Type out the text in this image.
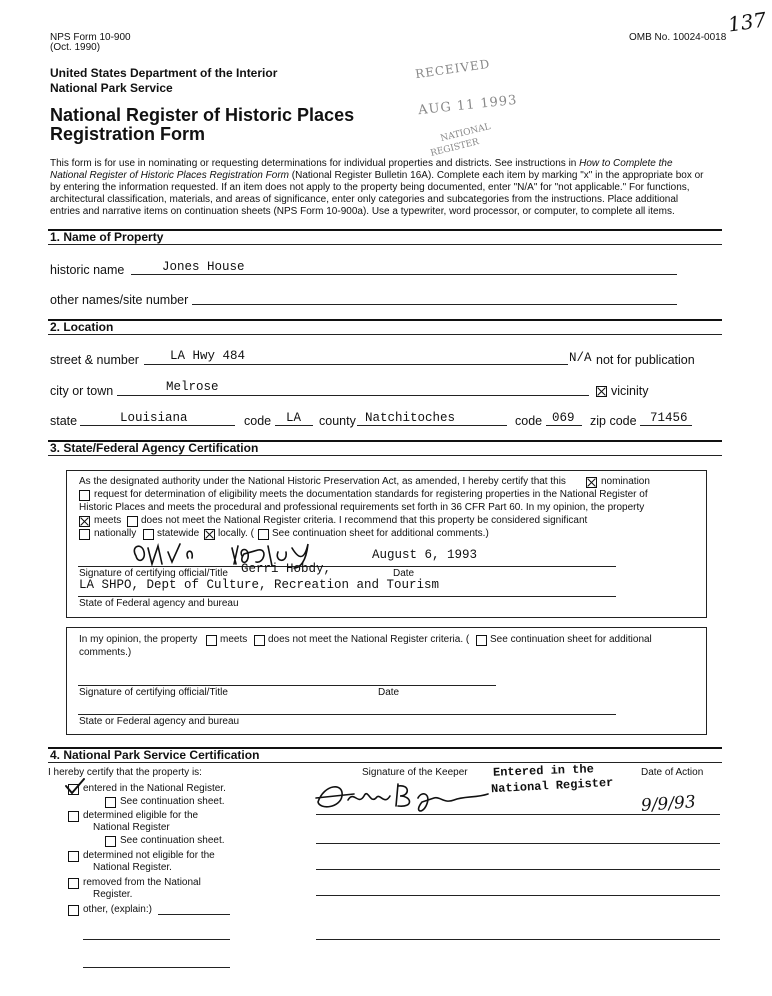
NPS Form 10-900
(Oct. 1990)
OMB No. 10024-0018
137
United States Department of the Interior
National Park Service
National Register of Historic Places
Registration Form
RECEIVED
AUG 11 1993
NATIONAL
REGISTER
This form is for use in nominating or requesting determinations for individual properties and districts. See instructions in How to Complete the
National Register of Historic Places Registration Form (National Register Bulletin 16A). Complete each item by marking "x" in the appropriate box or
by entering the information requested. If an item does not apply to the property being documented, enter "N/A" for "not applicable." For functions,
architectural classification, materials, and areas of significance, enter only categories and subcategories from the instructions. Place additional
entries and narrative items on continuation sheets (NPS Form 10-900a). Use a typewriter, word processor, or computer, to complete all items.
1. Name of Property
historic name	Jones House
other names/site number
2. Location
street & number LA Hwy 484	N/A not for publication
city or town	Melrose	vicinity
state	Louisiana	code LA county Natchitoches	code 069 zip code 71456
3. State/Federal Agency Certification
As the designated authority under the National Historic Preservation Act, as amended, I hereby certify that this	nomination
request for determination of eligibility meets the documentation standards for registering properties in the National Register of
Historic Places and meets the procedural and professional requirements set forth in 36 CFR Part 60. In my opinion, the property
meets does not meet the National Register criteria. I recommend that this property be considered significant
nationally statewide locally. ( See continuation sheet for additional comments.)
August 6, 1993
Signature of certifying official/Title Gerri Hobdy,	Date
LA SHPO, Dept of Culture, Recreation and Tourism
State of Federal agency and bureau
In my opinion, the property meets does not meet the National Register criteria. ( See continuation sheet for additional
comments.)
Signature of certifying official/Title	Date
State or Federal agency and bureau
4. National Park Service Certification
I hereby certify that the property is:	Signature of the Keeper	Date of Action
Entered in the
National Register
9/9/93
entered in the National Register.
See continuation sheet.
determined eligible for the
National Register
See continuation sheet.
determined not eligible for the
National Register.
removed from the National
Register.
other, (explain:)
